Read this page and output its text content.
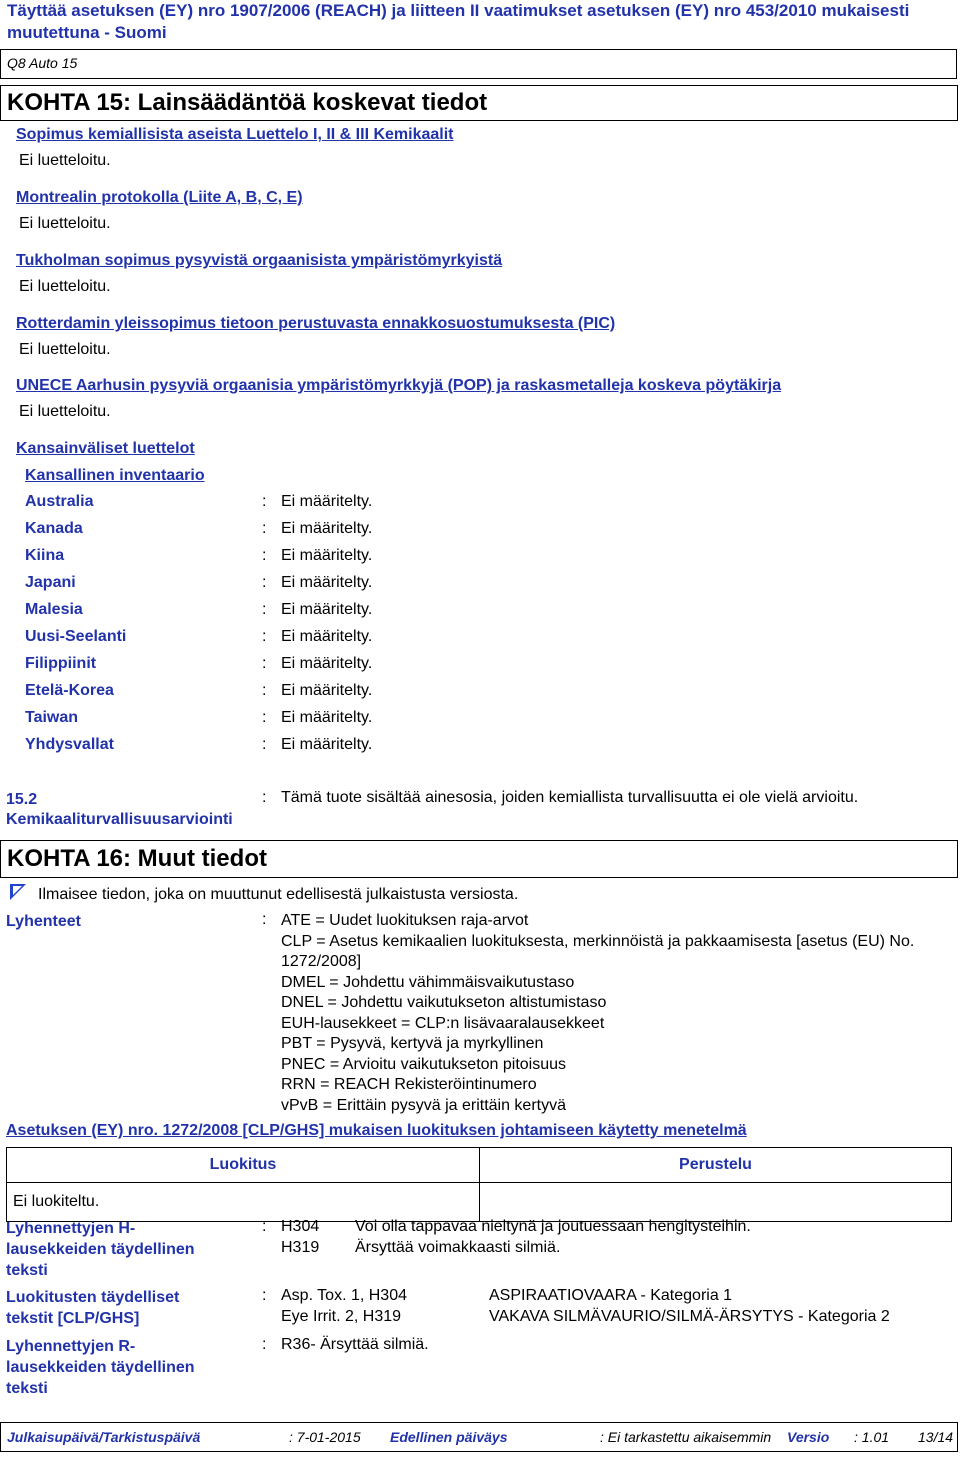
Täyttää asetuksen (EY) nro 1907/2006 (REACH) ja liitteen II vaatimukset asetuksen (EY) nro 453/2010 mukaisesti muutettuna - Suomi
Q8 Auto 15
KOHTA 15: Lainsäädäntöä koskevat tiedot
Sopimus kemiallisista aseista Luettelo I, II & III Kemikaalit
Ei luetteloitu.
Montrealin protokolla (Liite A, B, C, E)
Ei luetteloitu.
Tukholman sopimus pysyvistä orgaanisista ympäristömyrkyistä
Ei luetteloitu.
Rotterdamin yleissopimus tietoon perustuvasta ennakkosuostumuksesta (PIC)
Ei luetteloitu.
UNECE Aarhusin pysyviä orgaanisia ympäristömyrkkyjä (POP) ja raskasmetalleja koskeva pöytäkirja
Ei luetteloitu.
Kansainväliset luettelot
Kansallinen inventaario
Australia	: Ei määritelty.
Kanada	: Ei määritelty.
Kiina	: Ei määritelty.
Japani	: Ei määritelty.
Malesia	: Ei määritelty.
Uusi-Seelanti	: Ei määritelty.
Filippiinit	: Ei määritelty.
Etelä-Korea	: Ei määritelty.
Taiwan	: Ei määritelty.
Yhdysvallat	: Ei määritelty.
15.2
Kemikaaliturvallisuusarviointi
: Tämä tuote sisältää ainesosia, joiden kemiallista turvallisuutta ei ole vielä arvioitu.
KOHTA 16: Muut tiedot
Ilmaisee tiedon, joka on muuttunut edellisestä julkaistusta versiosta.
Lyhenteet	: ATE = Uudet luokituksen raja-arvot
CLP = Asetus kemikaalien luokituksesta, merkinnöistä ja pakkaamisesta [asetus (EU) No. 1272/2008]
DMEL = Johdettu vähimmäisvaikutustaso
DNEL = Johdettu vaikutukseton altistumistaso
EUH-lausekkeet = CLP:n lisävaaralausekkeet
PBT = Pysyvä, kertyvä ja myrkyllinen
PNEC = Arvioitu vaikutukseton pitoisuus
RRN = REACH Rekisteröintinumero
vPvB = Erittäin pysyvä ja erittäin kertyvä
Asetuksen (EY) nro. 1272/2008 [CLP/GHS] mukaisen luokituksen johtamiseen käytetty menetelmä
Luokitus	Perustelu
Ei luokiteltu.	
Lyhennettyjen H-
lausekkeiden täydellinen
teksti
: H304 Voi olla tappavaa nieltynä ja joutuessaan hengitysteihin.
H319 Ärsyttää voimakkaasti silmiä.
Luokitusten täydelliset
tekstit [CLP/GHS]
: Asp. Tox. 1, H304	ASPIRAATIOVAARA - Kategoria 1
Eye Irrit. 2, H319	VAKAVA SILMÄVAURIO/SILMÄ-ÄRSYTYS - Kategoria 2
Lyhennettyjen R-
lausekkeiden täydellinen
teksti
: R36- Ärsyttää silmiä.
Julkaisupäivä/Tarkistuspäivä	: 7-01-2015 Edellinen päiväys	: Ei tarkastettu aikaisemmin Versio : 1.01 13/14
